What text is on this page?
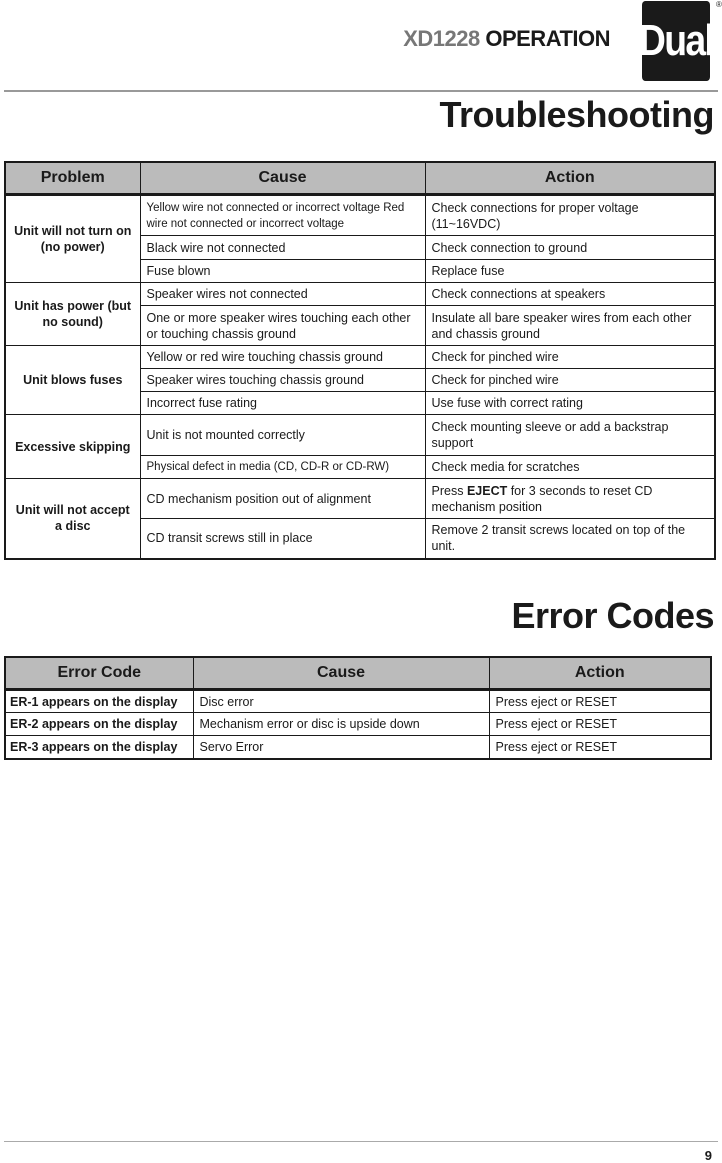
XD1228 OPERATION Dual
®
Troubleshooting
Problem	Cause	Action
Unit will not turn on (no power)	Yellow wire not connected or incorrect voltage Red wire not connected or incorrect voltage	Check connections for proper voltage (11~16VDC)
	Black wire not connected	Check connection to ground
	Fuse blown	Replace fuse
Unit has power (but no sound)	Speaker wires not connected	Check connections at speakers
	One or more speaker wires touching each other or touching chassis ground	Insulate all bare speaker wires from each other and chassis ground
Unit blows fuses	Yellow or red wire touching chassis ground	Check for pinched wire
	Speaker wires touching chassis ground	Check for pinched wire
	Incorrect fuse rating	Use fuse with correct rating
Excessive skipping	Unit is not mounted correctly	Check mounting sleeve or add a backstrap support
	Physical defect in media (CD, CD-R or CD-RW)	Check media for scratches
Unit will not accept a disc	CD mechanism position out of alignment	Press EJECT for 3 seconds to reset CD mechanism position
	CD transit screws still in place	Remove 2 transit screws located on top of the unit.
Error Codes
Error Code	Cause	Action
ER-1 appears on the display	Disc error	Press eject or RESET
ER-2 appears on the display	Mechanism error or disc is upside down	Press eject or RESET
ER-3 appears on the display	Servo Error	Press eject or RESET
9
